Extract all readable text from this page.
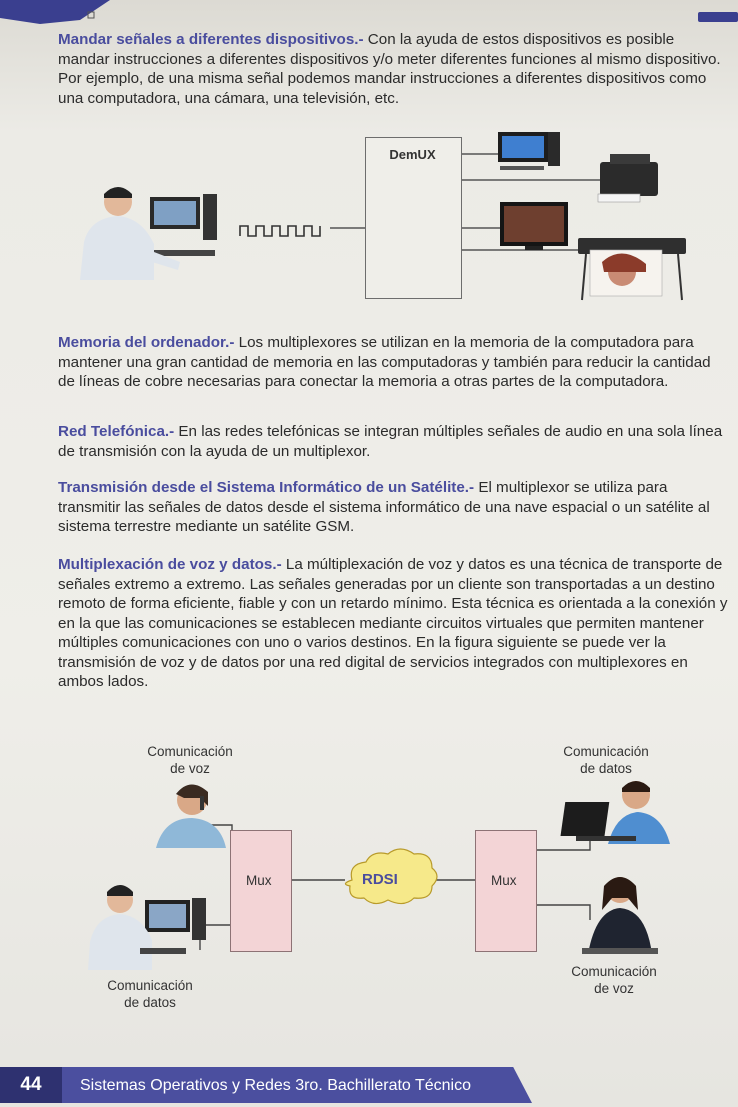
Mandar señales a diferentes dispositivos.- Con la ayuda de estos dispositivos es posible mandar instrucciones a diferentes dispositivos y/o meter diferentes funciones al mismo dispositivo. Por ejemplo, de una misma señal podemos mandar instrucciones a diferentes dispositivos como una computadora, una cámara, una televisión, etc.

DemUX

Memoria del ordenador.- Los multiplexores se utilizan en la memoria de la computadora para mantener una gran cantidad de memoria en las computadoras y también para reducir la cantidad de líneas de cobre necesarias para conectar la memoria a otras partes de la computadora.

Red Telefónica.- En las redes telefónicas se integran múltiples señales de audio en una sola línea de transmisión con la ayuda de un multiplexor.

Transmisión desde el Sistema Informático de un Satélite.- El multiplexor se utiliza para transmitir las señales de datos desde el sistema informático de una nave espacial o un satélite al sistema terrestre mediante un satélite GSM.

Multiplexación de voz y datos.- La múltiplexación de voz y datos es una técnica de transporte de señales extremo a extremo. Las señales generadas por un cliente son transportadas a un destino remoto de forma eficiente, fiable y con un retardo mínimo. Esta técnica es orientada a la conexión y en la que las comunicaciones se establecen mediante circuitos virtuales que permiten mantener múltiples comunicaciones con uno o varios destinos. En la figura siguiente se puede ver la transmisión de voz y de datos por una red digital de servicios integrados con multiplexores en ambos lados.

Mux	RDSI	Mux
Comunicación
de voz
Comunicación
de datos
Comunicación
de datos
Comunicación
de voz
44	Sistemas Operativos y Redes 3ro. Bachillerato Técnico
